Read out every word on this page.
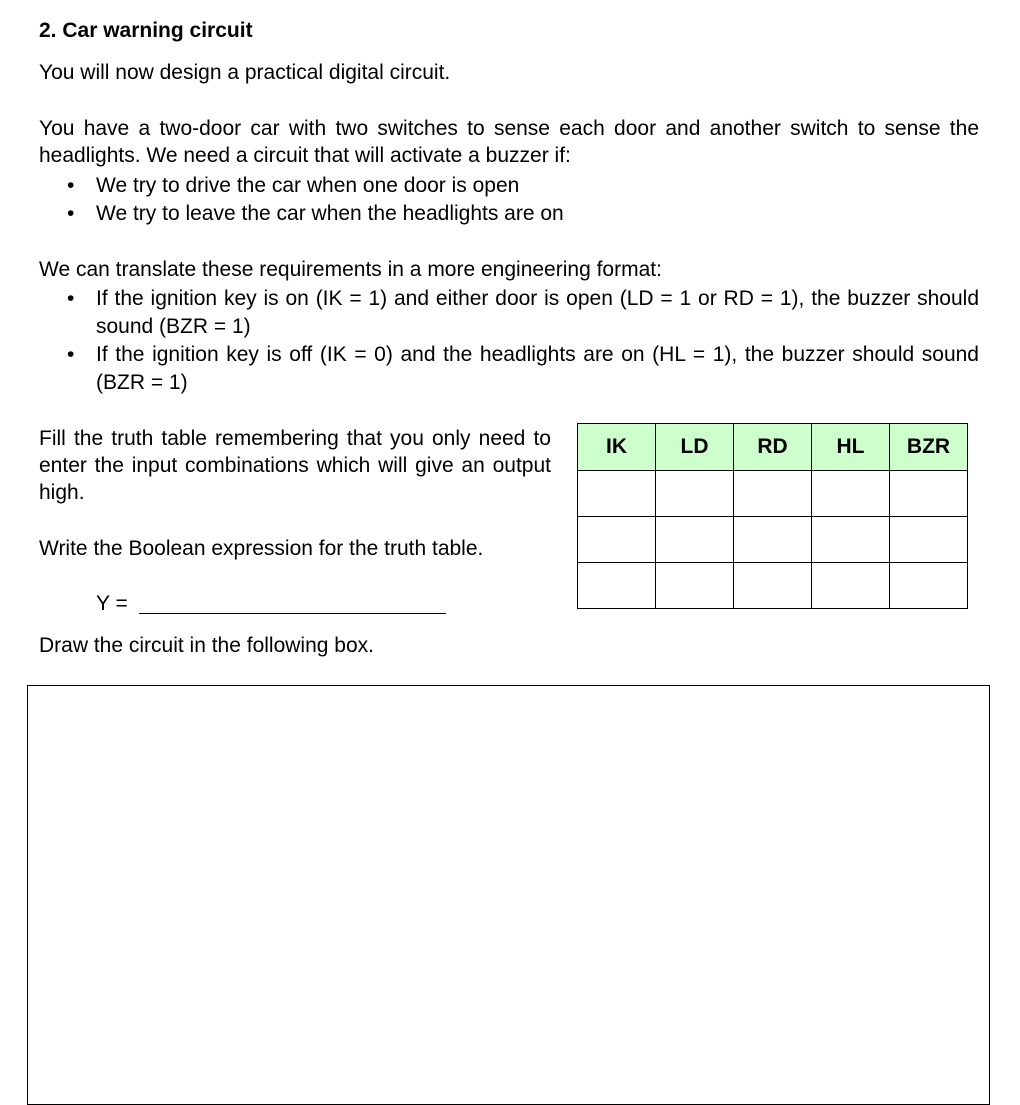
2. Car warning circuit

You will now design a practical digital circuit.

You have a two-door car with two switches to sense each door and another switch to sense the headlights. We need a circuit that will activate a buzzer if:

• We try to drive the car when one door is open
• We try to leave the car when the headlights are on

We can translate these requirements in a more engineering format:

• If the ignition key is on (IK = 1) and either door is open (LD = 1 or RD = 1), the buzzer should sound (BZR = 1)
• If the ignition key is off (IK = 0) and the headlights are on (HL = 1), the buzzer should sound (BZR = 1)

Fill the truth table remembering that you only need to enter the input combinations which will give an output high.

Write the Boolean expression for the truth table.

Y =

Draw the circuit in the following box.

IK	LD	RD	HL	BZR
